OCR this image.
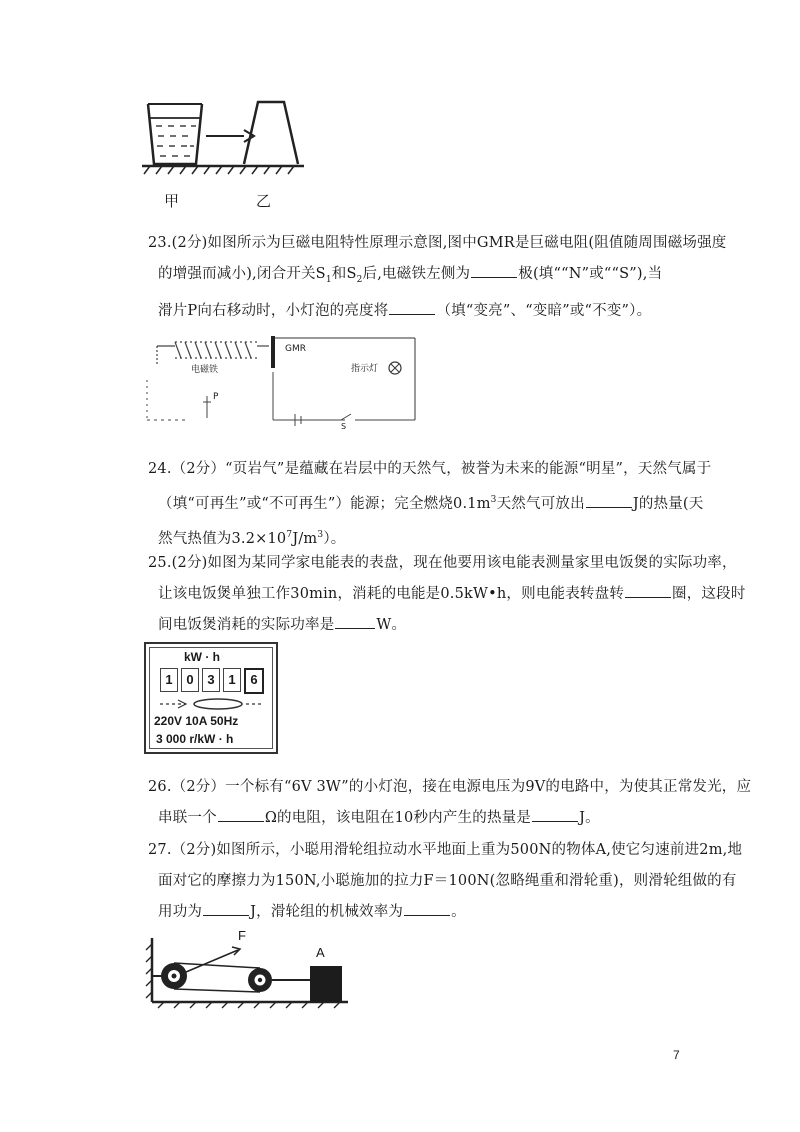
甲	乙
23.(2分)如图所示为巨磁电阻特性原理示意图,图中GMR是巨磁电阻(阻值随周围磁场强度
的增强而减小),闭合开关$S_1$和$S_2$后,电磁铁左侧为	极(填““N”或““S”),当
滑片P向右移动时，小灯泡的亮度将	（填“变亮”、“变暗”或“不变”）。
GMR
电磁铁	指示灯
P
S
24.（2分）“页岩气”是蕴藏在岩层中的天然气，被誉为未来的能源“明星”，天然气属于
（填“可再生”或“不可再生”）能源；完全燃烧$0.1m^3$天然气可放出	J的热量(天
然气热值为$3.2\times 10^7J/m^3$）。
25.(2分)如图为某同学家电能表的表盘，现在他要用该电能表测量家里电饭煲的实际功率，
让该电饭煲单独工作30min，消耗的电能是0.5kW•h，则电能表转盘转	圈，这段时
间电饭煲消耗的实际功率是	W。
kW · h
1	0	3	1	6
220V 10A 50Hz
3 000 r/kW · h
26.（2分）一个标有“6V 3W”的小灯泡，接在电源电压为9V的电路中，为使其正常发光，应
串联一个	Ω的电阻，该电阻在10秒内产生的热量是	J。
27.（2分)如图所示，小聪用滑轮组拉动水平地面上重为500N的物体A,使它匀速前进2m,地
面对它的摩擦力为150N,小聪施加的拉力F＝100N(忽略绳重和滑轮重)，则滑轮组做的有
用功为	J，滑轮组的机械效率为	。
F
A
7
